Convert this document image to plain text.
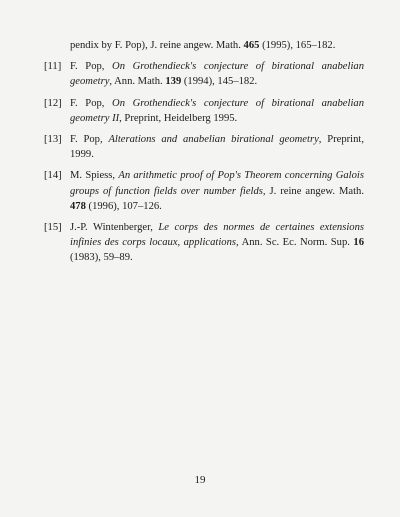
pendix by F. Pop), J. reine angew. Math. 465 (1995), 165–182.
[11] F. Pop, On Grothendieck's conjecture of birational anabelian geometry, Ann. Math. 139 (1994), 145–182.
[12] F. Pop, On Grothendieck's conjecture of birational anabelian geometry II, Preprint, Heidelberg 1995.
[13] F. Pop, Alterations and anabelian birational geometry, Preprint, 1999.
[14] M. Spiess, An arithmetic proof of Pop's Theorem concerning Galois groups of function fields over number fields, J. reine angew. Math. 478 (1996), 107–126.
[15] J.-P. Wintenberger, Le corps des normes de certaines extensions infinies des corps locaux, applications, Ann. Sc. Ec. Norm. Sup. 16 (1983), 59–89.
19
